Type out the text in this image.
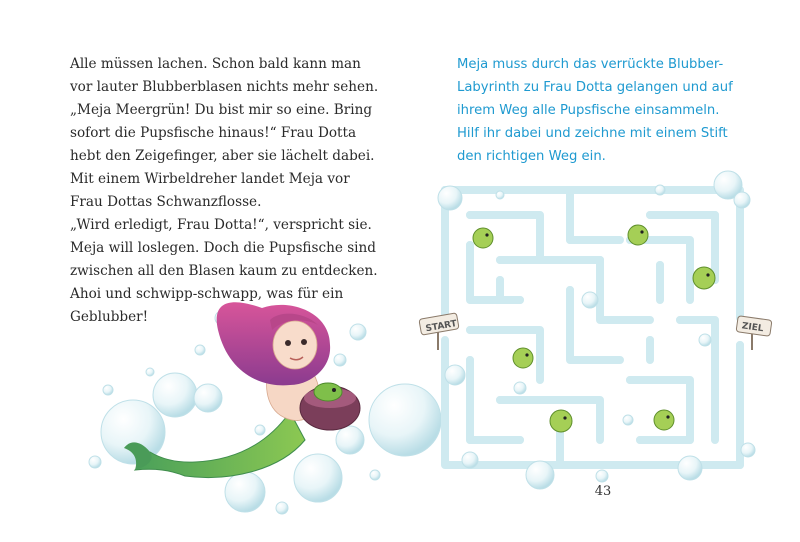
Alle müssen lachen. Schon bald kann man
vor lauter Blubberblasen nichts mehr sehen.
„Meja Meergrün! Du bist mir so eine. Bring
sofort die Pupsfische hinaus!“ Frau Dotta
hebt den Zeigefinger, aber sie lächelt dabei.
Mit einem Wirbeldreher landet Meja vor
Frau Dottas Schwanzflosse.
„Wird erledigt, Frau Dotta!“, verspricht sie.
Meja will loslegen. Doch die Pupsfische sind
zwischen all den Blasen kaum zu entdecken.
Ahoi und schwipp-schwapp, was für ein
Geblubber!
Meja muss durch das verrückte Blubber-
Labyrinth zu Frau Dotta gelangen und auf
ihrem Weg alle Pupsfische einsammeln.
Hilf ihr dabei und zeichne mit einem Stift
den richtigen Weg ein.
START	ZIEL
43
